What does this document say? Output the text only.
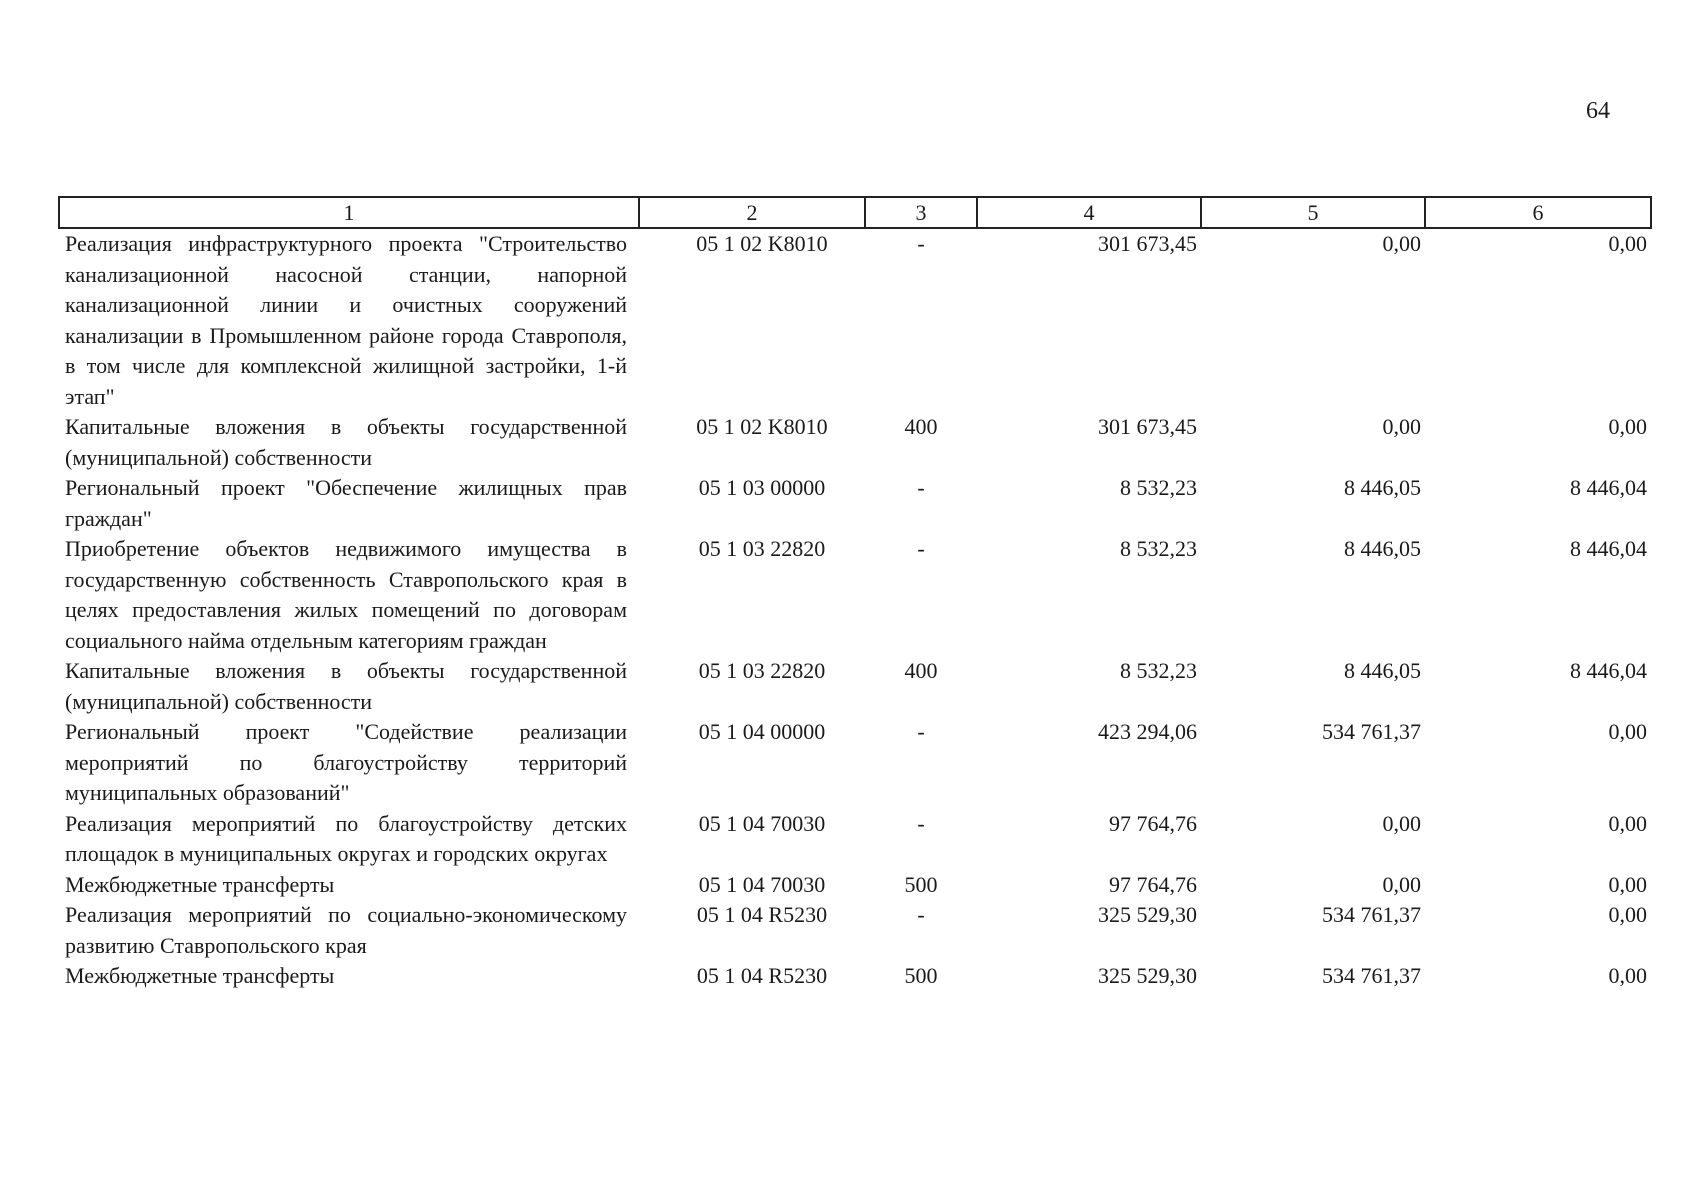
64
1	2	3	4	5	6
Реализация инфраструктурного проекта "Строительство канализационной насосной станции, напорной канализационной линии и очистных сооружений канализации в Промышленном районе города Ставрополя, в том числе для комплексной жилищной застройки, 1-й этап"	05 1 02 K8010	-	301 673,45	0,00	0,00
Капитальные вложения в объекты государственной (муниципальной) собственности	05 1 02 K8010	400	301 673,45	0,00	0,00
Региональный проект "Обеспечение жилищных прав граждан"	05 1 03 00000	-	8 532,23	8 446,05	8 446,04
Приобретение объектов недвижимого имущества в государственную собственность Ставропольского края в целях предоставления жилых помещений по договорам социального найма отдельным категориям граждан	05 1 03 22820	-	8 532,23	8 446,05	8 446,04
Капитальные вложения в объекты государственной (муниципальной) собственности	05 1 03 22820	400	8 532,23	8 446,05	8 446,04
Региональный проект "Содействие реализации мероприятий по благоустройству территорий муниципальных образований"	05 1 04 00000	-	423 294,06	534 761,37	0,00
Реализация мероприятий по благоустройству детских площадок в муниципальных округах и городских округах	05 1 04 70030	-	97 764,76	0,00	0,00
Межбюджетные трансферты	05 1 04 70030	500	97 764,76	0,00	0,00
Реализация мероприятий по социально-экономическому развитию Ставропольского края	05 1 04 R5230	-	325 529,30	534 761,37	0,00
Межбюджетные трансферты	05 1 04 R5230	500	325 529,30	534 761,37	0,00
